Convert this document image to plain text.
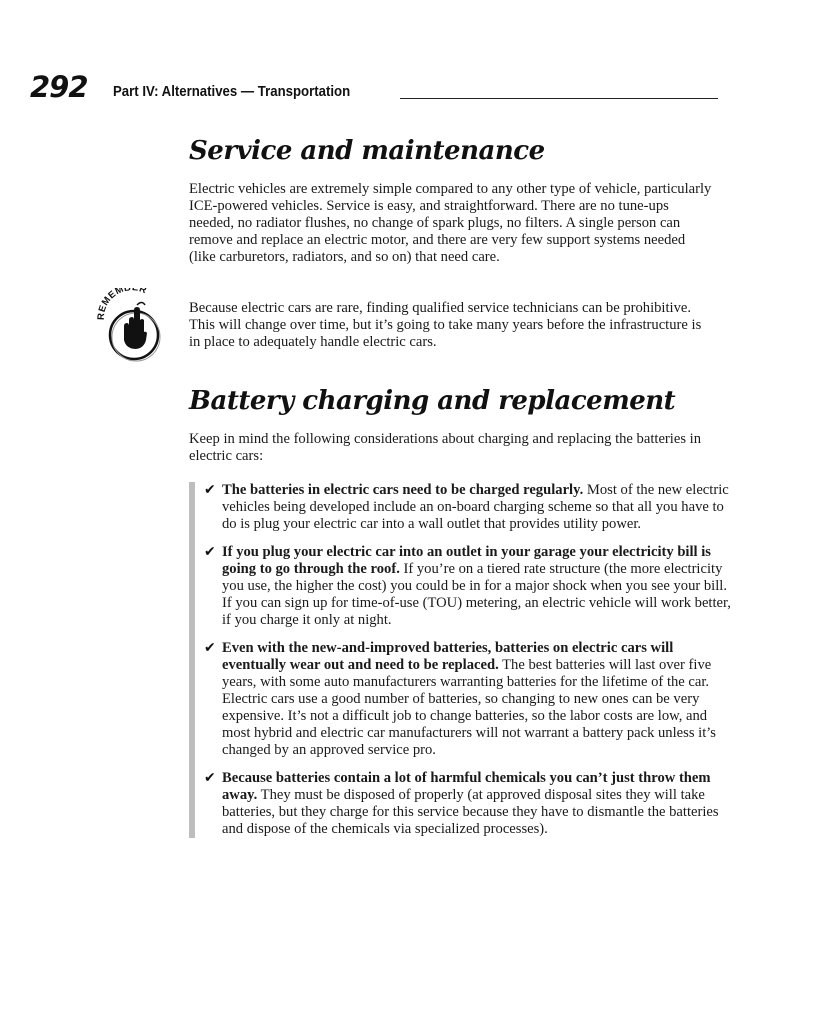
292 Part IV: Alternatives — Transportation
Service and maintenance

Electric vehicles are extremely simple compared to any other type of vehicle, particularly ICE-powered vehicles. Service is easy, and straightforward. There are no tune-ups needed, no radiator flushes, no change of spark plugs, no filters. A single person can remove and replace an electric motor, and there are very few support systems needed (like carburetors, radiators, and so on) that need care.

Because electric cars are rare, finding qualified service technicians can be prohibitive. This will change over time, but it’s going to take many years before the infrastructure is in place to adequately handle electric cars.

REMEMB R
Battery charging and replacement

Keep in mind the following considerations about charging and replacing the batteries in electric cars:

✔ The batteries in electric cars need to be charged regularly. Most of the new electric vehicles being developed include an on-board charging scheme so that all you have to do is plug your electric car into a wall outlet that provides utility power.

✔ If you plug your electric car into an outlet in your garage your electricity bill is going to go through the roof. If you’re on a tiered rate structure (the more electricity you use, the higher the cost) you could be in for a major shock when you see your bill. If you can sign up for time-of-use (TOU) metering, an electric vehicle will work better, if you charge it only at night.

✔ Even with the new-and-improved batteries, batteries on electric cars will eventually wear out and need to be replaced. The best batteries will last over five years, with some auto manufacturers warranting batteries for the lifetime of the car. Electric cars use a good number of batteries, so changing to new ones can be very expensive. It’s not a difficult job to change batteries, so the labor costs are low, and most hybrid and electric car manufacturers will not warrant a battery pack unless it’s changed by an approved service pro.

✔ Because batteries contain a lot of harmful chemicals you can’t just throw them away. They must be disposed of properly (at approved disposal sites they will take batteries, but they charge for this service because they have to dismantle the batteries and dispose of the chemicals via specialized processes).
